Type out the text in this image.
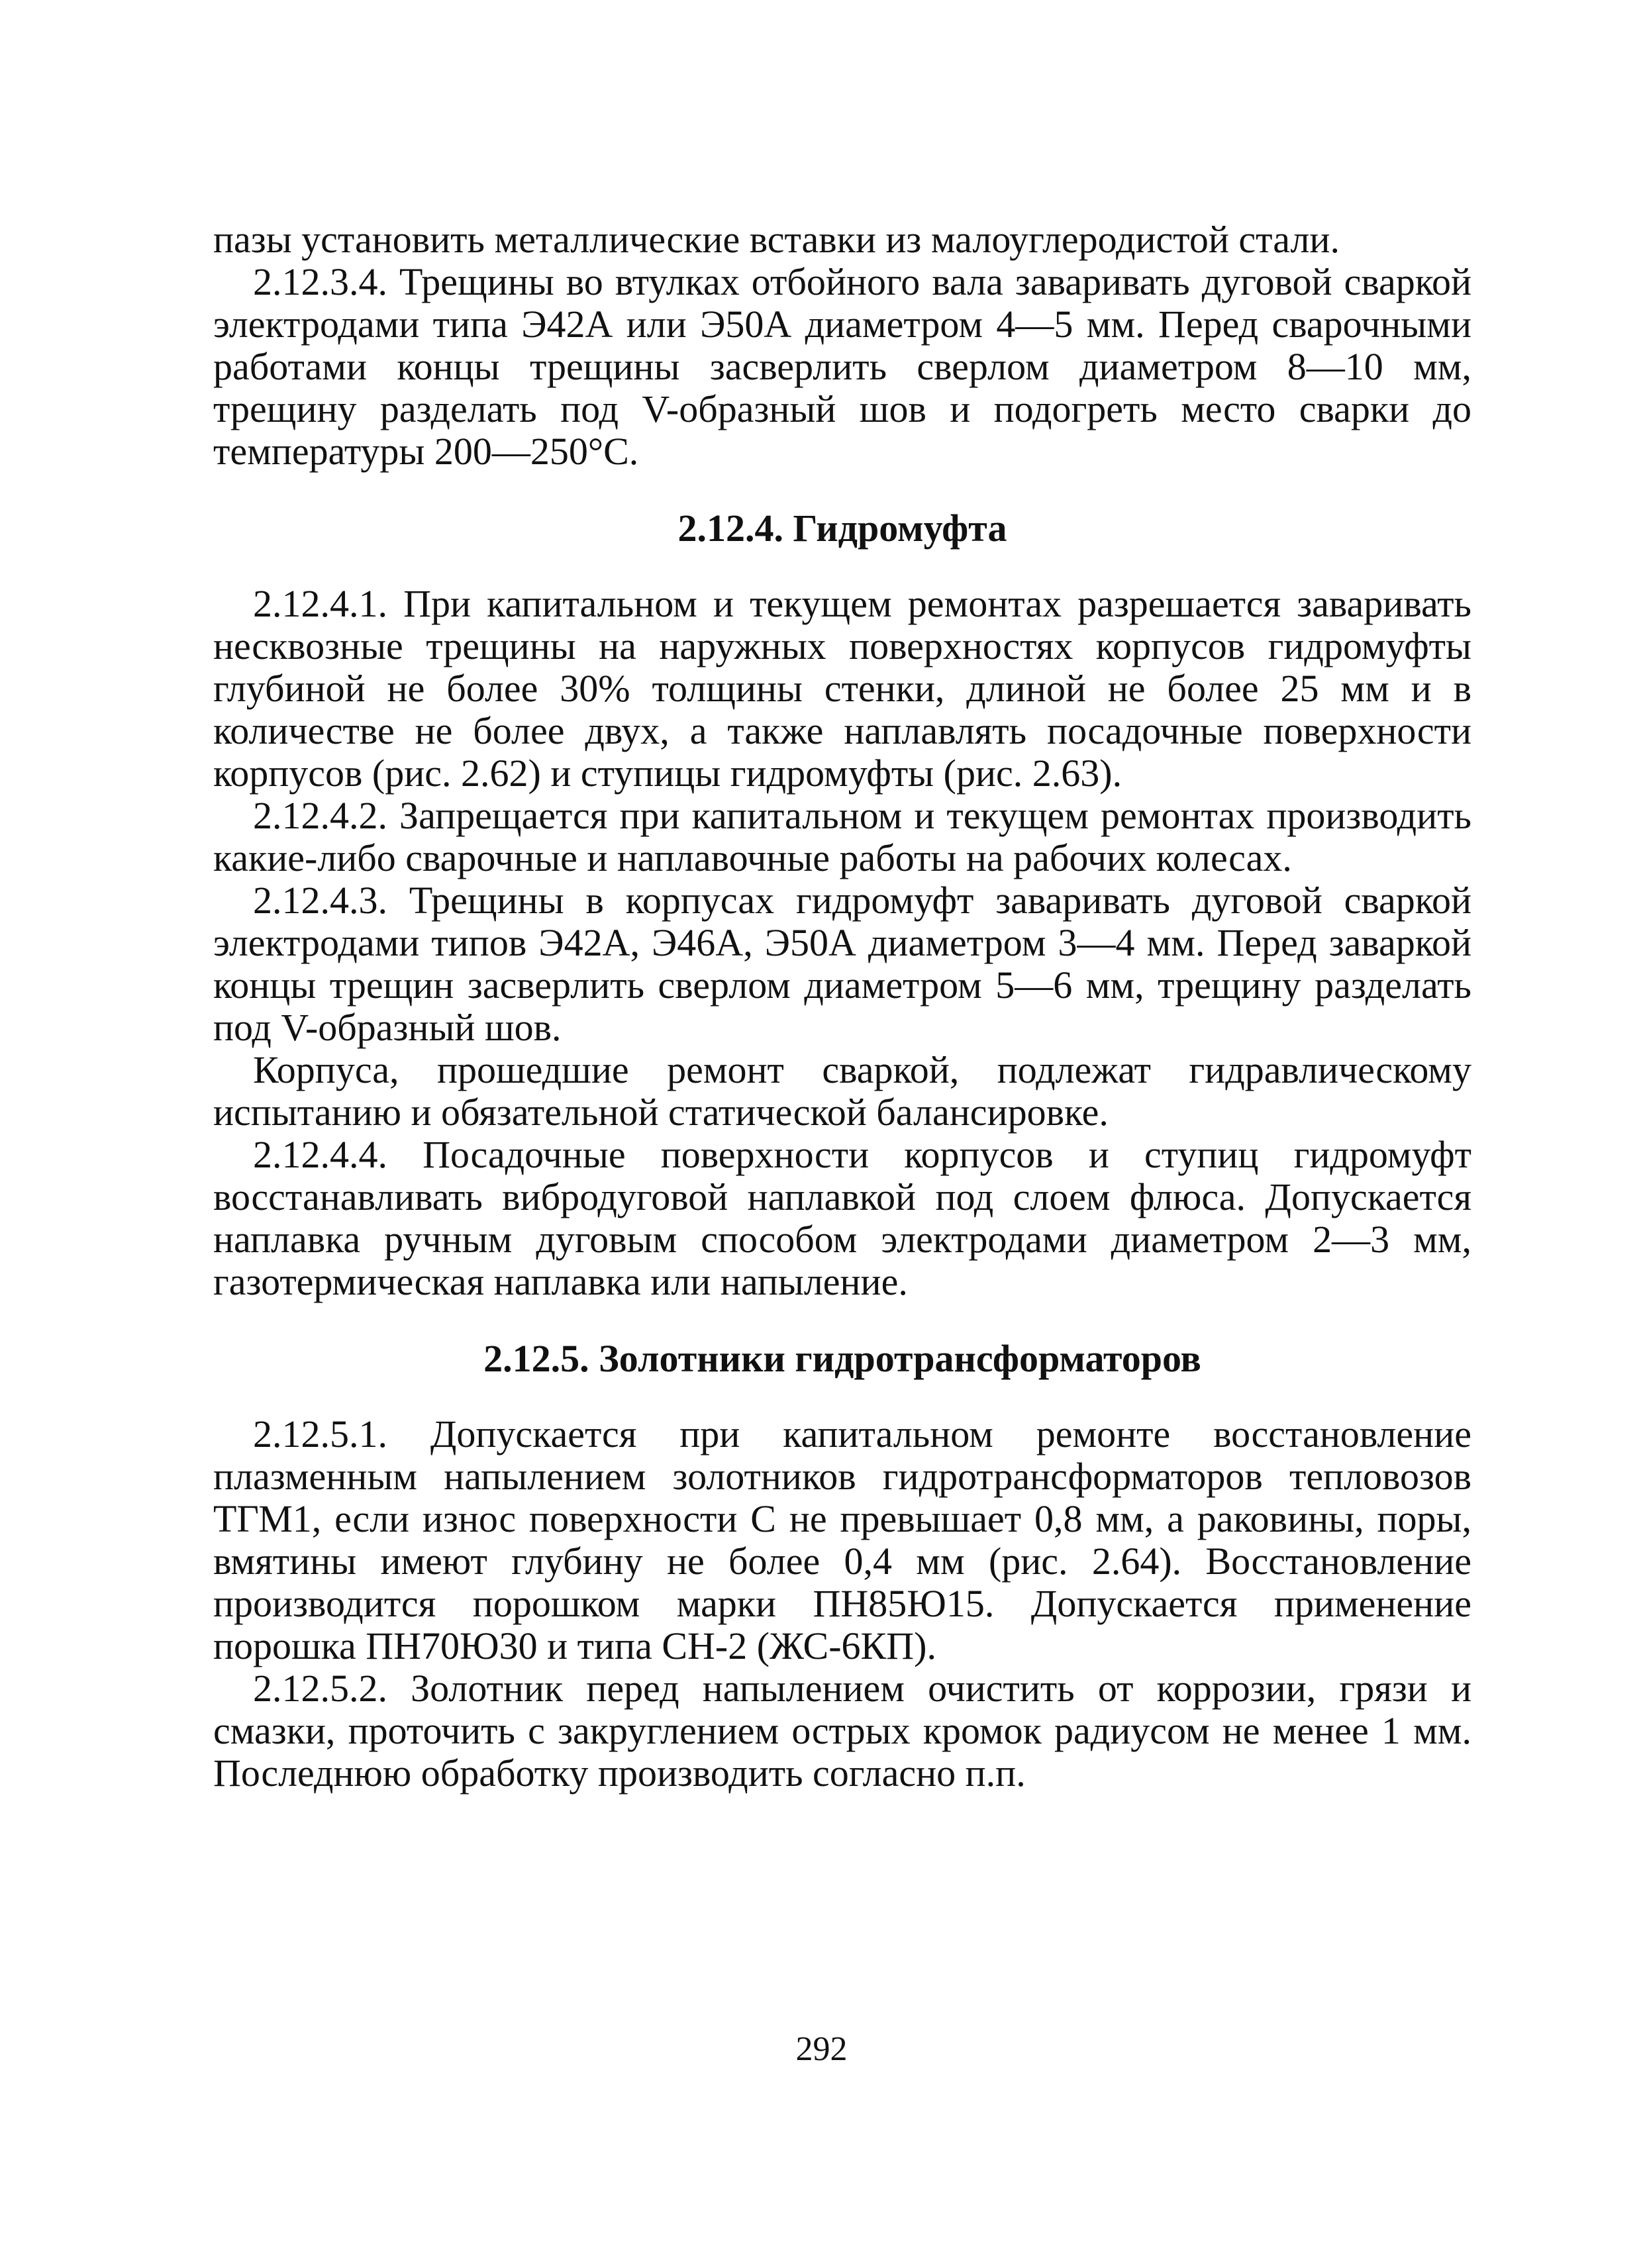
пазы установить металлические вставки из малоуглеродистой стали.

2.12.3.4. Трещины во втулках отбойного вала заваривать дуговой сваркой электродами типа Э42А или Э50А диаметром 4—5 мм. Перед сварочными работами концы трещины засверлить сверлом диаметром 8—10 мм, трещину разделать под V-образный шов и подогреть место сварки до температуры 200—250°С.

2.12.4. Гидромуфта

2.12.4.1. При капитальном и текущем ремонтах разрешается заваривать несквозные трещины на наружных поверхностях корпусов гидромуфты глубиной не более 30% толщины стенки, длиной не более 25 мм и в количестве не более двух, а также наплавлять посадочные поверхности корпусов (рис. 2.62) и ступицы гидромуфты (рис. 2.63).

2.12.4.2. Запрещается при капитальном и текущем ремонтах производить какие-либо сварочные и наплавочные работы на рабочих колесах.

2.12.4.3. Трещины в корпусах гидромуфт заваривать дуговой сваркой электродами типов Э42А, Э46А, Э50А диаметром 3—4 мм. Перед заваркой концы трещин засверлить сверлом диаметром 5—6 мм, трещину разделать под V-образный шов.

Корпуса, прошедшие ремонт сваркой, подлежат гидравлическому испытанию и обязательной статической балансировке.

2.12.4.4. Посадочные поверхности корпусов и ступиц гидромуфт восстанавливать вибродуговой наплавкой под слоем флюса. Допускается наплавка ручным дуговым способом электродами диаметром 2—3 мм, газотермическая наплавка или напыление.

2.12.5. Золотники гидротрансформаторов

2.12.5.1. Допускается при капитальном ремонте восстановление плазменным напылением золотников гидротрансформаторов тепловозов ТГМ1, если износ поверхности С не превышает 0,8 мм, а раковины, поры, вмятины имеют глубину не более 0,4 мм (рис. 2.64). Восстановление производится порошком марки ПН85Ю15. Допускается применение порошка ПН70Ю30 и типа СН-2 (ЖС-6КП).

2.12.5.2. Золотник перед напылением очистить от коррозии, грязи и смазки, проточить с закруглением острых кромок радиусом не менее 1 мм. Последнюю обработку производить согласно п.п.

292
